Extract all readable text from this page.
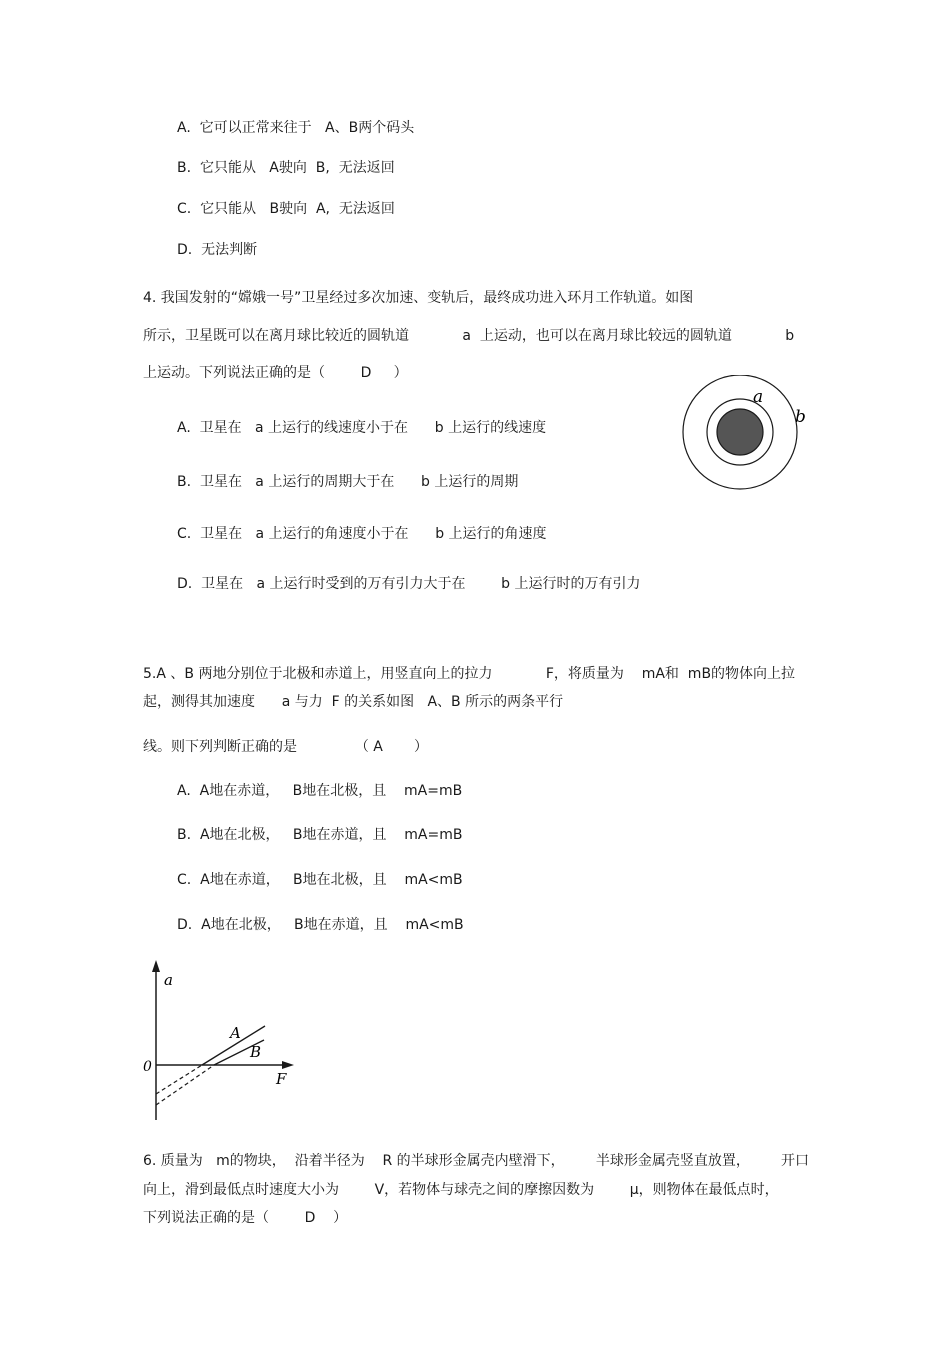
A.  它可以正常来往于   A、B两个码头
B.  它只能从   A驶向  B,  无法返回
C.  它只能从   B驶向  A,  无法返回
D.  无法判断
4. 我国发射的“嫦娥一号”卫星经过多次加速、变轨后，最终成功进入环月工作轨道。如图
所示，卫星既可以在离月球比较近的圆轨道            a  上运动，也可以在离月球比较远的圆轨道            b
上运动。下列说法正确的是（        D     ）
A.  卫星在   a 上运行的线速度小于在      b 上运行的线速度
B.  卫星在   a 上运行的周期大于在      b 上运行的周期
C.  卫星在   a 上运行的角速度小于在      b 上运行的角速度
D.  卫星在   a 上运行时受到的万有引力大于在        b 上运行时的万有引力
a
b
5.A 、B 两地分别位于北极和赤道上，用竖直向上的拉力            F，将质量为    mA和  mB的物体向上拉
起，测得其加速度      a 与力  F 的关系如图   A、B 所示的两条平行
线。则下列判断正确的是             （ A       ）
A.  A地在赤道，   B地在北极，且    mA=mB
B.  A地在北极，   B地在赤道，且    mA=mB
C.  A地在赤道，   B地在北极，且    mA<mB
D.  A地在北极，   B地在赤道，且    mA<mB
a
F
0
A
B
6. 质量为   m的物块，  沿着半径为    R 的半球形金属壳内壁滑下，       半球形金属壳竖直放置，       开口
向上，滑到最低点时速度大小为        V，若物体与球壳之间的摩擦因数为        μ，则物体在最低点时，
下列说法正确的是（        D    ）
